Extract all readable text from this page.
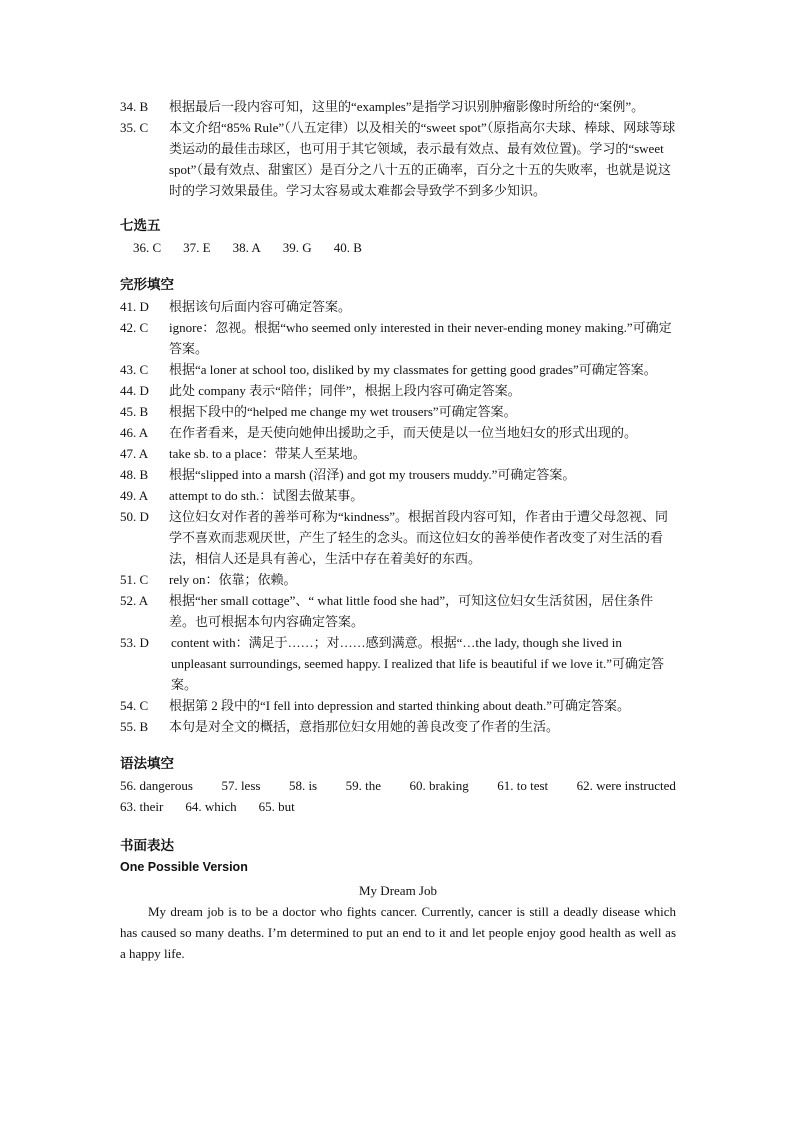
34. B	根据最后一段内容可知，这里的“examples”是指学习识别肿瘤影像时所给的“案例”。
35. C	本文介绍“85% Rule”（八五定律）以及相关的“sweet spot”（原指高尔夫球、棒球、网球等球类运动的最佳击球区，也可用于其它领域，表示最有效点、最有效位置)。学习的“sweet spot”（最有效点、甜蜜区）是百分之八十五的正确率，百分之十五的失败率，也就是说这时的学习效果最佳。学习太容易或太难都会导致学不到多少知识。
七选五
36. C 37. E 38. A 39. G 40. B
完形填空
41. D	根据该句后面内容可确定答案。
42. C	ignore：忽视。根据“who seemed only interested in their never-ending money making.”可确定答案。
43. C	根据“a loner at school too, disliked by my classmates for getting good grades”可确定答案。
44. D	此处 company 表示“陪伴；同伴”，根据上段内容可确定答案。
45. B	根据下段中的“helped me change my wet trousers”可确定答案。
46. A	在作者看来，是天使向她伸出援助之手，而天使是以一位当地妇女的形式出现的。
47. A	take sb. to a place：带某人至某地。
48. B	根据“slipped into a marsh (沼泽) and got my trousers muddy.”可确定答案。
49. A	attempt to do sth.：试图去做某事。
50. D	这位妇女对作者的善举可称为“kindness”。根据首段内容可知，作者由于遭父母忽视、同学不喜欢而悲观厌世，产生了轻生的念头。而这位妇女的善举使作者改变了对生活的看法，相信人还是具有善心，生活中存在着美好的东西。
51. C	rely on：依靠；依赖。
52. A	根据“her small cottage”、“ what little food she had”，可知这位妇女生活贫困，居住条件差。也可根据本句内容确定答案。
53. D	content with：满足于……；对……感到满意。根据“…the lady, though she lived in unpleasant surroundings, seemed happy. I realized that life is beautiful if we love it.”可确定答案。
54. C	根据第 2 段中的“I fell into depression and started thinking about death.”可确定答案。
55. B	本句是对全文的概括，意指那位妇女用她的善良改变了作者的生活。
语法填空
56. dangerous 57. less 58. is 59. the 60. braking 61. to test 62. were instructed
63. their 64. which 65. but
书面表达
One Possible Version
My Dream Job
My dream job is to be a doctor who fights cancer. Currently, cancer is still a deadly disease which has caused so many deaths. I’m determined to put an end to it and let people enjoy good health as well as a happy life.
